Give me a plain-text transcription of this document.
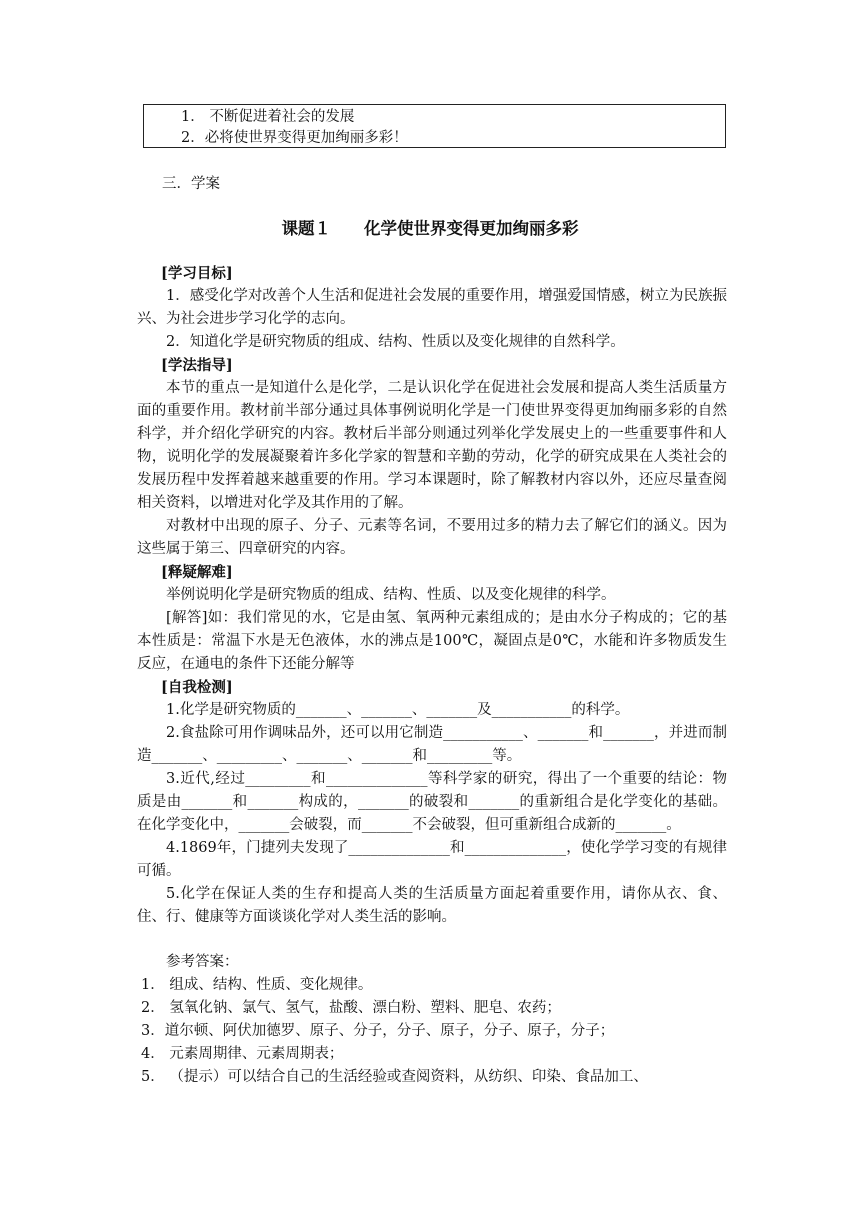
1． 不断促进着社会的发展
2．必将使世界变得更加绚丽多彩！
三．学案
课题１　　化学使世界变得更加绚丽多彩

[学习目标]

1．感受化学对改善个人生活和促进社会发展的重要作用，增强爱国情感，树立为民族振兴、为社会进步学习化学的志向。

2．知道化学是研究物质的组成、结构、性质以及变化规律的自然科学。

[学法指导]

本节的重点一是知道什么是化学，二是认识化学在促进社会发展和提高人类生活质量方面的重要作用。教材前半部分通过具体事例说明化学是一门使世界变得更加绚丽多彩的自然科学，并介绍化学研究的内容。教材后半部分则通过列举化学发展史上的一些重要事件和人物，说明化学的发展凝聚着许多化学家的智慧和辛勤的劳动，化学的研究成果在人类社会的发展历程中发挥着越来越重要的作用。学习本课题时，除了解教材内容以外，还应尽量查阅相关资料，以增进对化学及其作用的了解。

对教材中出现的原子、分子、元素等名词，不要用过多的精力去了解它们的涵义。因为这些属于第三、四章研究的内容。

[释疑解难]

举例说明化学是研究物质的组成、结构、性质、以及变化规律的科学。

[解答]如：我们常见的水，它是由氢、氧两种元素组成的；是由水分子构成的；它的基本性质是：常温下水是无色液体，水的沸点是100℃，凝固点是0℃，水能和许多物质发生反应，在通电的条件下还能分解等

[自我检测]

1.化学是研究物质的_______、_______、_______及___________的科学。

2.食盐除可用作调味品外，还可以用它制造___________、_______和_______，并进而制造_______、_________、_______、_______和_________等。

3.近代,经过_________和______________等科学家的研究，得出了一个重要的结论：物质是由_______和_______构成的，_______的破裂和_______的重新组合是化学变化的基础。在化学变化中，_______会破裂，而_______不会破裂，但可重新组合成新的_______。

4.1869年，门捷列夫发现了______________和______________，使化学学习变的有规律可循。

5.化学在保证人类的生存和提高人类的生活质量方面起着重要作用，请你从衣、食、住、行、健康等方面谈谈化学对人类生活的影响。

参考答案：

1． 组成、结构、性质、变化规律。

2． 氢氧化钠、氯气、氢气，盐酸、漂白粉、塑料、肥皂、农药；

3．道尔顿、阿伏加德罗、原子、分子，分子、原子，分子、原子，分子；

4． 元素周期律、元素周期表；

5． （提示）可以结合自己的生活经验或查阅资料，从纺织、印染、食品加工、
